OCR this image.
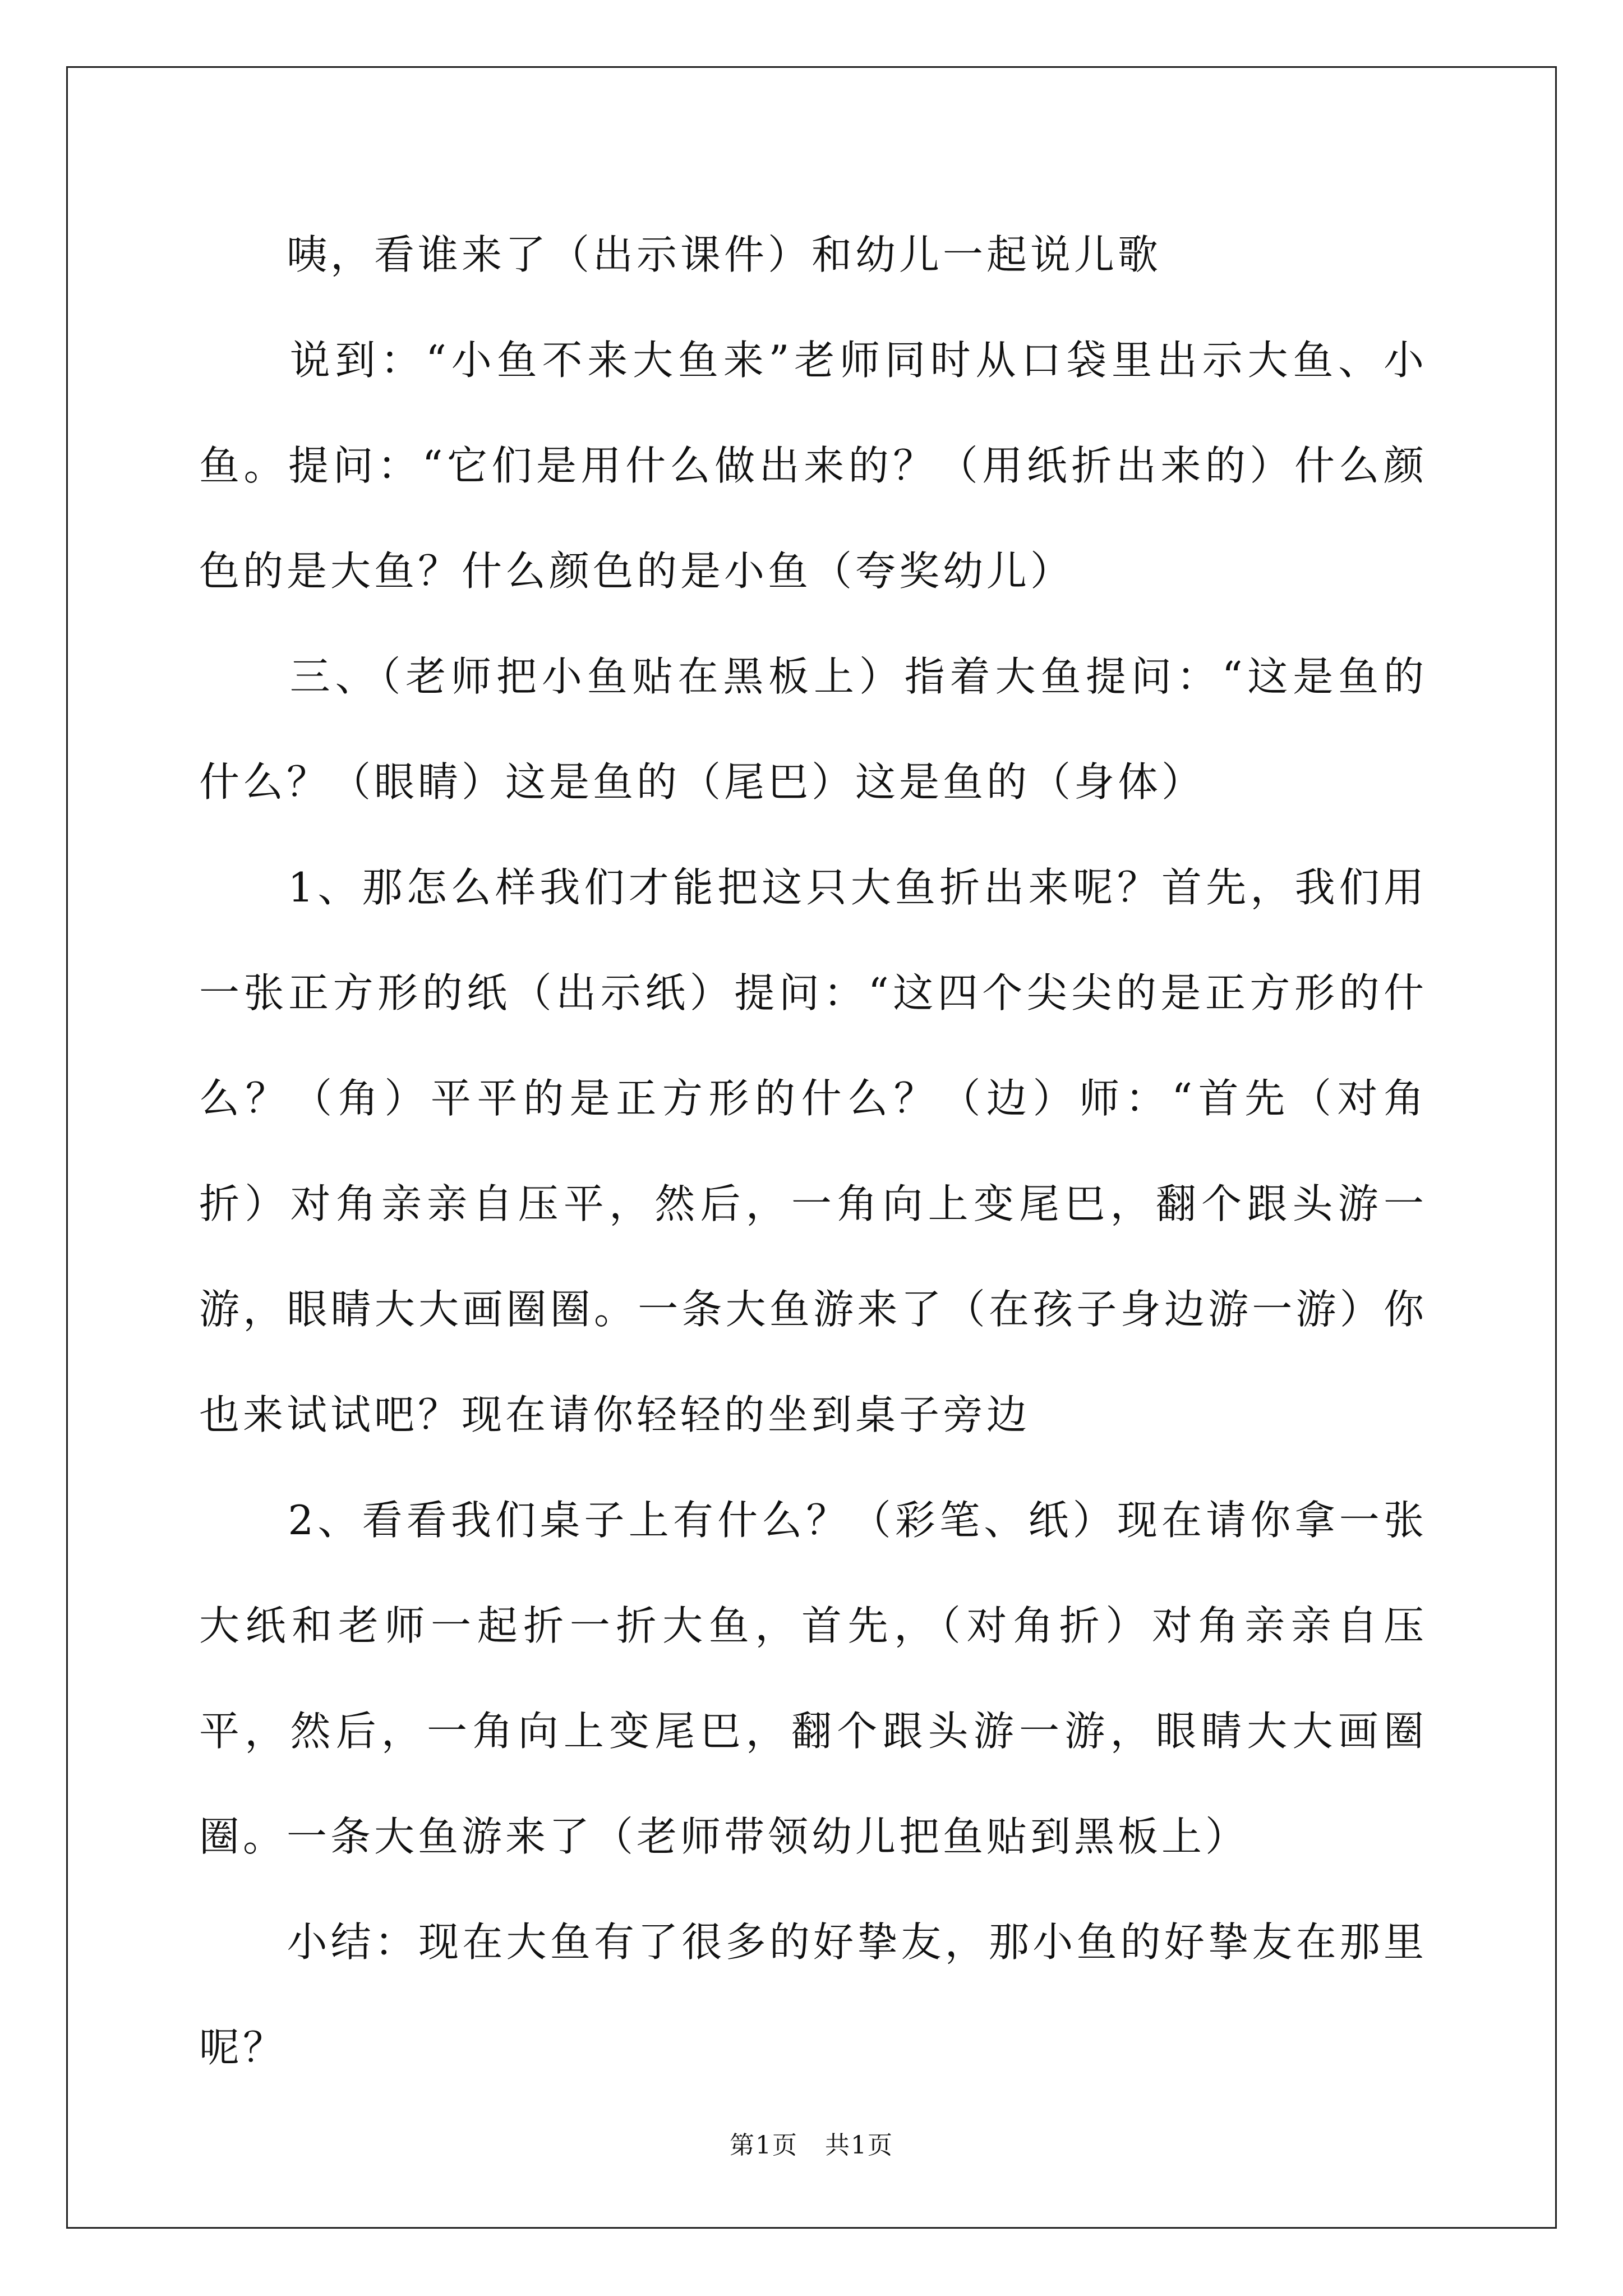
　　咦，看谁来了（出示课件）和幼儿一起说儿歌

　　说到：“小鱼不来大鱼来”老师同时从口袋里出示大鱼、小鱼。提问：“它们是用什么做出来的？（用纸折出来的）什么颜色的是大鱼？什么颜色的是小鱼（夸奖幼儿）

　　三、（老师把小鱼贴在黑板上）指着大鱼提问：“这是鱼的什么？（眼睛）这是鱼的（尾巴）这是鱼的（身体）

　　1、那怎么样我们才能把这只大鱼折出来呢？首先，我们用一张正方形的纸（出示纸）提问：“这四个尖尖的是正方形的什么？（角）平平的是正方形的什么？（边）师：“首先（对角折）对角亲亲自压平，然后，一角向上变尾巴，翻个跟头游一游，眼睛大大画圈圈。一条大鱼游来了（在孩子身边游一游）你也来试试吧？现在请你轻轻的坐到桌子旁边

　　2、看看我们桌子上有什么？（彩笔、纸）现在请你拿一张大纸和老师一起折一折大鱼，首先，（对角折）对角亲亲自压平，然后，一角向上变尾巴，翻个跟头游一游，眼睛大大画圈圈。一条大鱼游来了（老师带领幼儿把鱼贴到黑板上）

　　小结：现在大鱼有了很多的好挚友，那小鱼的好挚友在那里呢？

第1页 共1页
